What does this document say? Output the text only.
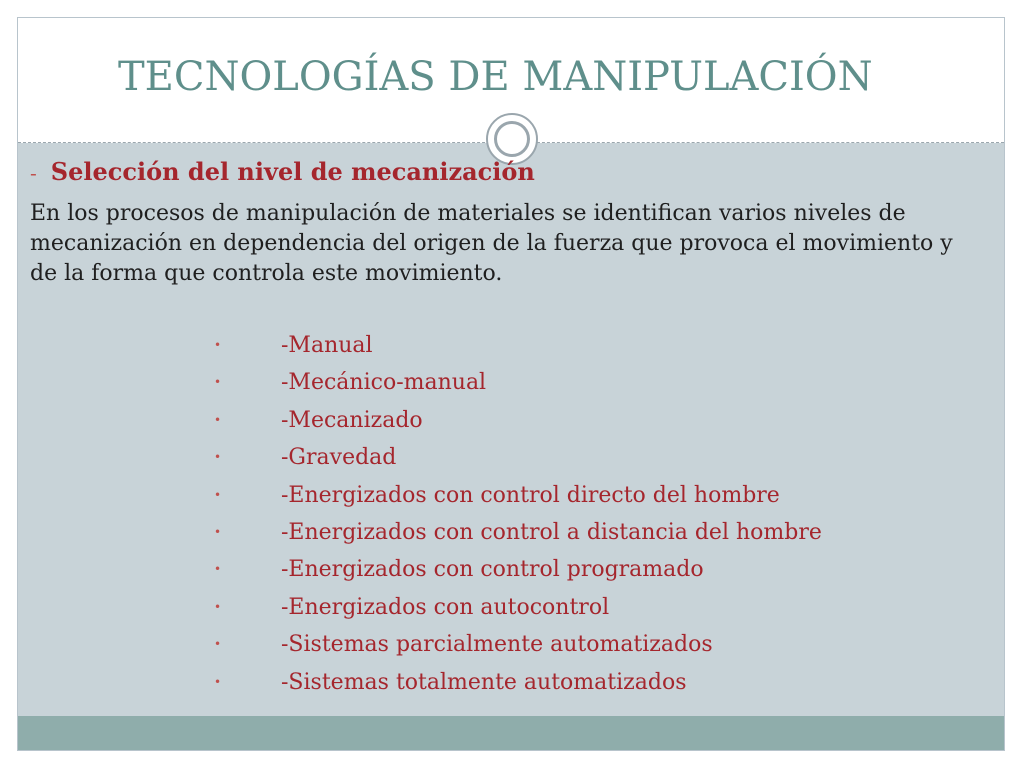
TECNOLOGÍAS DE MANIPULACIÓN
- Selección del nivel de mecanización
En los procesos de manipulación de materiales se identifican varios niveles de mecanización en dependencia del origen de la fuerza que provoca el movimiento y de la forma que controla este movimiento.
•	-Manual
•	-Mecánico-manual
•	-Mecanizado
•	-Gravedad
•	-Energizados con control directo del hombre
•	-Energizados con control a distancia del hombre
•	-Energizados con control programado
•	-Energizados con autocontrol
•	-Sistemas parcialmente automatizados
•	-Sistemas totalmente automatizados
